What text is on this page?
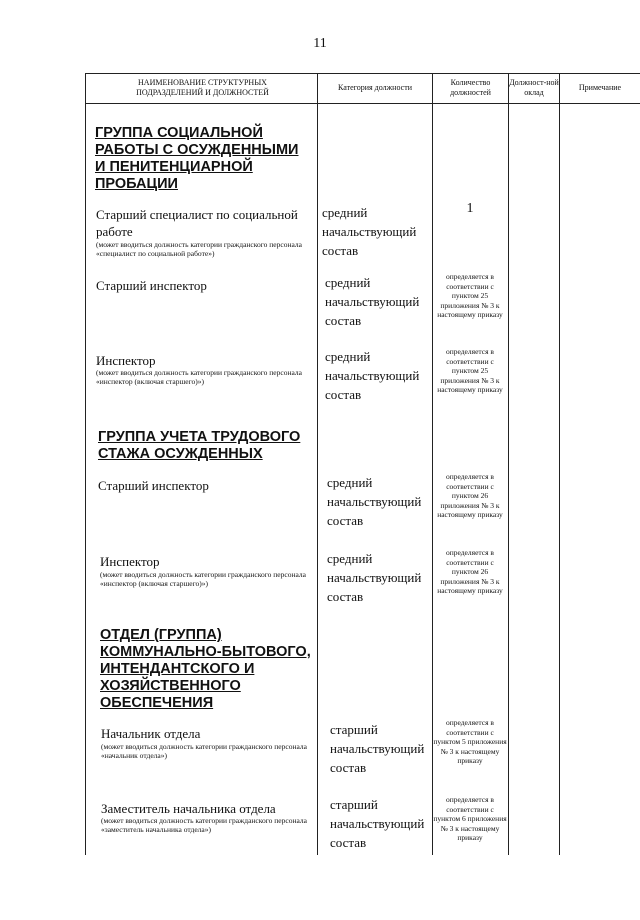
11
НАИМЕНОВАНИЕ СТРУКТУРНЫХ ПОДРАЗДЕЛЕНИЙ И ДОЛЖНОСТЕЙ
Категория должности
Количество должностей
Должност-ной оклад
Примечание
ГРУППА СОЦИАЛЬНОЙ РАБОТЫ С ОСУЖДЕННЫМИ И ПЕНИТЕНЦИАРНОЙ ПРОБАЦИИ
Старший специалист по социальной работе
(может вводиться должность категории гражданского персонала «специалист по социальной работе»)
средний начальствующий состав
1
Старший инспектор	средний начальствующий состав
определяется в соответствии с пунктом 25 приложения № 3 к настоящему приказу
Инспектор
(может вводиться должность категории гражданского персонала «инспектор (включая старшего)»)
средний начальствующий состав
определяется в соответствии с пунктом 25 приложения № 3 к настоящему приказу
ГРУППА УЧЕТА ТРУДОВОГО СТАЖА ОСУЖДЕННЫХ
Старший инспектор	средний начальствующий состав
определяется в соответствии с пунктом 26 приложения № 3 к настоящему приказу
Инспектор
(может вводиться должность категории гражданского персонала «инспектор (включая старшего)»)
средний начальствующий состав
определяется в соответствии с пунктом 26 приложения № 3 к настоящему приказу
ОТДЕЛ (ГРУППА) КОММУНАЛЬНО-БЫТОВОГО, ИНТЕНДАНТСКОГО И ХОЗЯЙСТВЕННОГО ОБЕСПЕЧЕНИЯ
Начальник отдела
(может вводиться должность категории гражданского персонала «начальник отдела»)
старший начальствующий состав
определяется в соответствии с пунктом 5 приложения № 3 к настоящему приказу
Заместитель начальника отдела
(может вводиться должность категории гражданского персонала «заместитель начальника отдела»)
старший начальствующий состав
определяется в соответствии с пунктом 6 приложения № 3 к настоящему приказу
